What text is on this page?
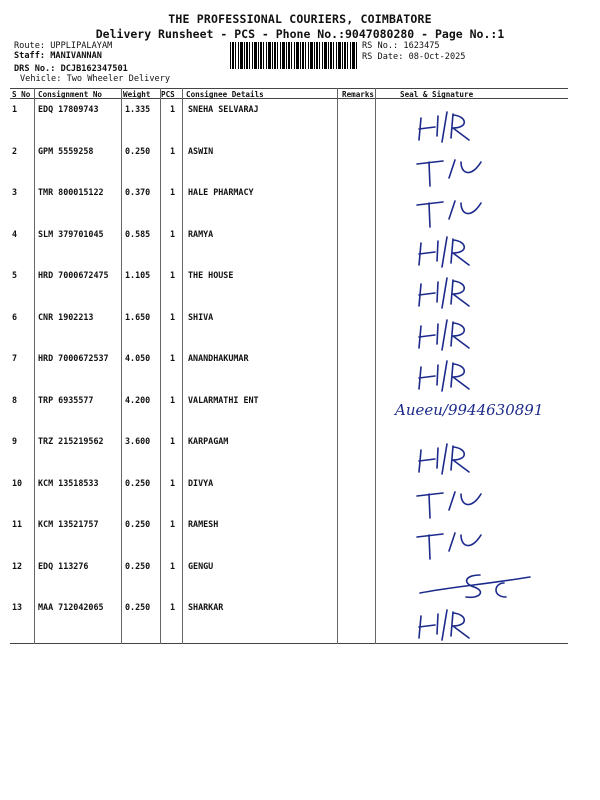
THE PROFESSIONAL COURIERS, COIMBATORE
Delivery Runsheet - PCS - Phone No.:9047080280 - Page No.:1
Route: UPPLIPALAYAM
Staff: MANIVANNAN
DRS No.: DCJB162347501
Vehicle: Two Wheeler Delivery
RS No.: 1623475
RS Date: 08-Oct-2025
S No Consignment No	Weight PCS Consignee Details	Remarks	Seal & Signature
1 EDQ 17809743	1.335 1 SNEHA SELVARAJ
2 GPM 5559258	0.250 1 ASWIN
3 TMR 800015122	0.370 1 HALE PHARMACY
4 SLM 379701045	0.585 1 RAMYA
5 HRD 7000672475 1.105 1 THE HOUSE
6 CNR 1902213	1.650 1 SHIVA
7 HRD 7000672537 4.050 1 ANANDHAKUMAR
8 TRP 6935577	4.200 1 VALARMATHI ENT
Aueeu/9944630891
9 TRZ 215219562	3.600 1 KARPAGAM
10 KCM 13518533	0.250 1 DIVYA
11 KCM 13521757	0.250 1 RAMESH
12 EDQ 113276	0.250 1 GENGU
13 MAA 712042065	0.250 1 SHARKAR
